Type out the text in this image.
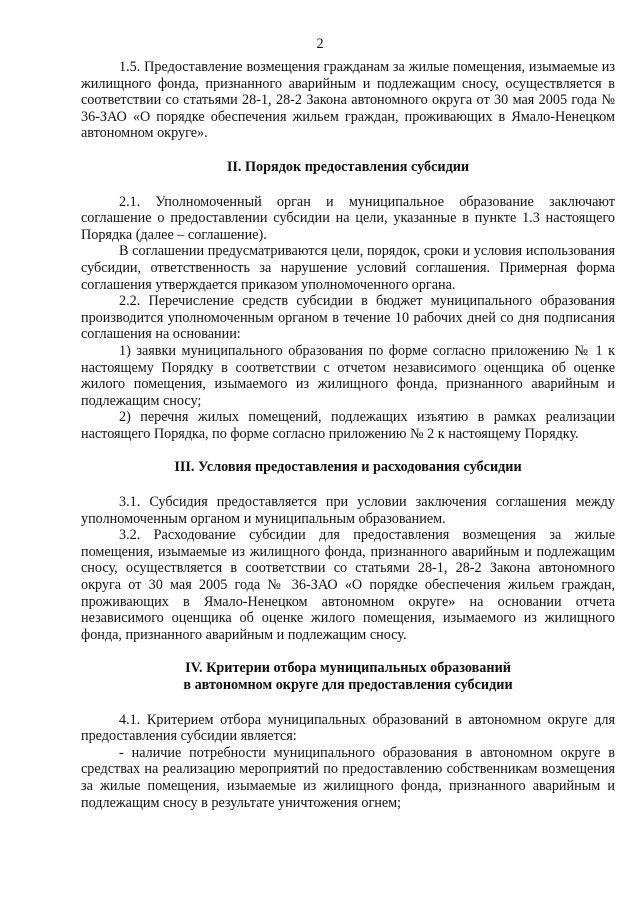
2

1.5. Предоставление возмещения гражданам за жилые помещения, изымаемые из жилищного фонда, признанного аварийным и подлежащим сносу, осуществляется в соответствии со статьями 28-1, 28-2 Закона автономного округа от 30 мая 2005 года № 36-ЗАО «О порядке обеспечения жильем граждан, проживающих в Ямало-Ненецком автономном округе».

II. Порядок предоставления субсидии

2.1. Уполномоченный орган и муниципальное образование заключают соглашение о предоставлении субсидии на цели, указанные в пункте 1.3 настоящего Порядка (далее – соглашение).

В соглашении предусматриваются цели, порядок, сроки и условия использования субсидии, ответственность за нарушение условий соглашения. Примерная форма соглашения утверждается приказом уполномоченного органа.

2.2. Перечисление средств субсидии в бюджет муниципального образования производится уполномоченным органом в течение 10 рабочих дней со дня подписания соглашения на основании:

1) заявки муниципального образования по форме согласно приложению № 1 к настоящему Порядку в соответствии с отчетом независимого оценщика об оценке жилого помещения, изымаемого из жилищного фонда, признанного аварийным и подлежащим сносу;

2) перечня жилых помещений, подлежащих изъятию в рамках реализации настоящего Порядка, по форме согласно приложению № 2 к настоящему Порядку.

III. Условия предоставления и расходования субсидии

3.1. Субсидия предоставляется при условии заключения соглашения между уполномоченным органом и муниципальным образованием.

3.2. Расходование субсидии для предоставления возмещения за жилые помещения, изымаемые из жилищного фонда, признанного аварийным и подлежащим сносу, осуществляется в соответствии со статьями 28-1, 28-2 Закона автономного округа от 30 мая 2005 года № 36-ЗАО «О порядке обеспечения жильем граждан, проживающих в Ямало-Ненецком автономном округе» на основании отчета независимого оценщика об оценке жилого помещения, изымаемого из жилищного фонда, признанного аварийным и подлежащим сносу.

IV. Критерии отбора муниципальных образований

в автономном округе для предоставления субсидии

4.1. Критерием отбора муниципальных образований в автономном округе для предоставления субсидии является:

- наличие потребности муниципального образования в автономном округе в средствах на реализацию мероприятий по предоставлению собственникам возмещения за жилые помещения, изымаемые из жилищного фонда, признанного аварийным и подлежащим сносу в результате уничтожения огнем;
